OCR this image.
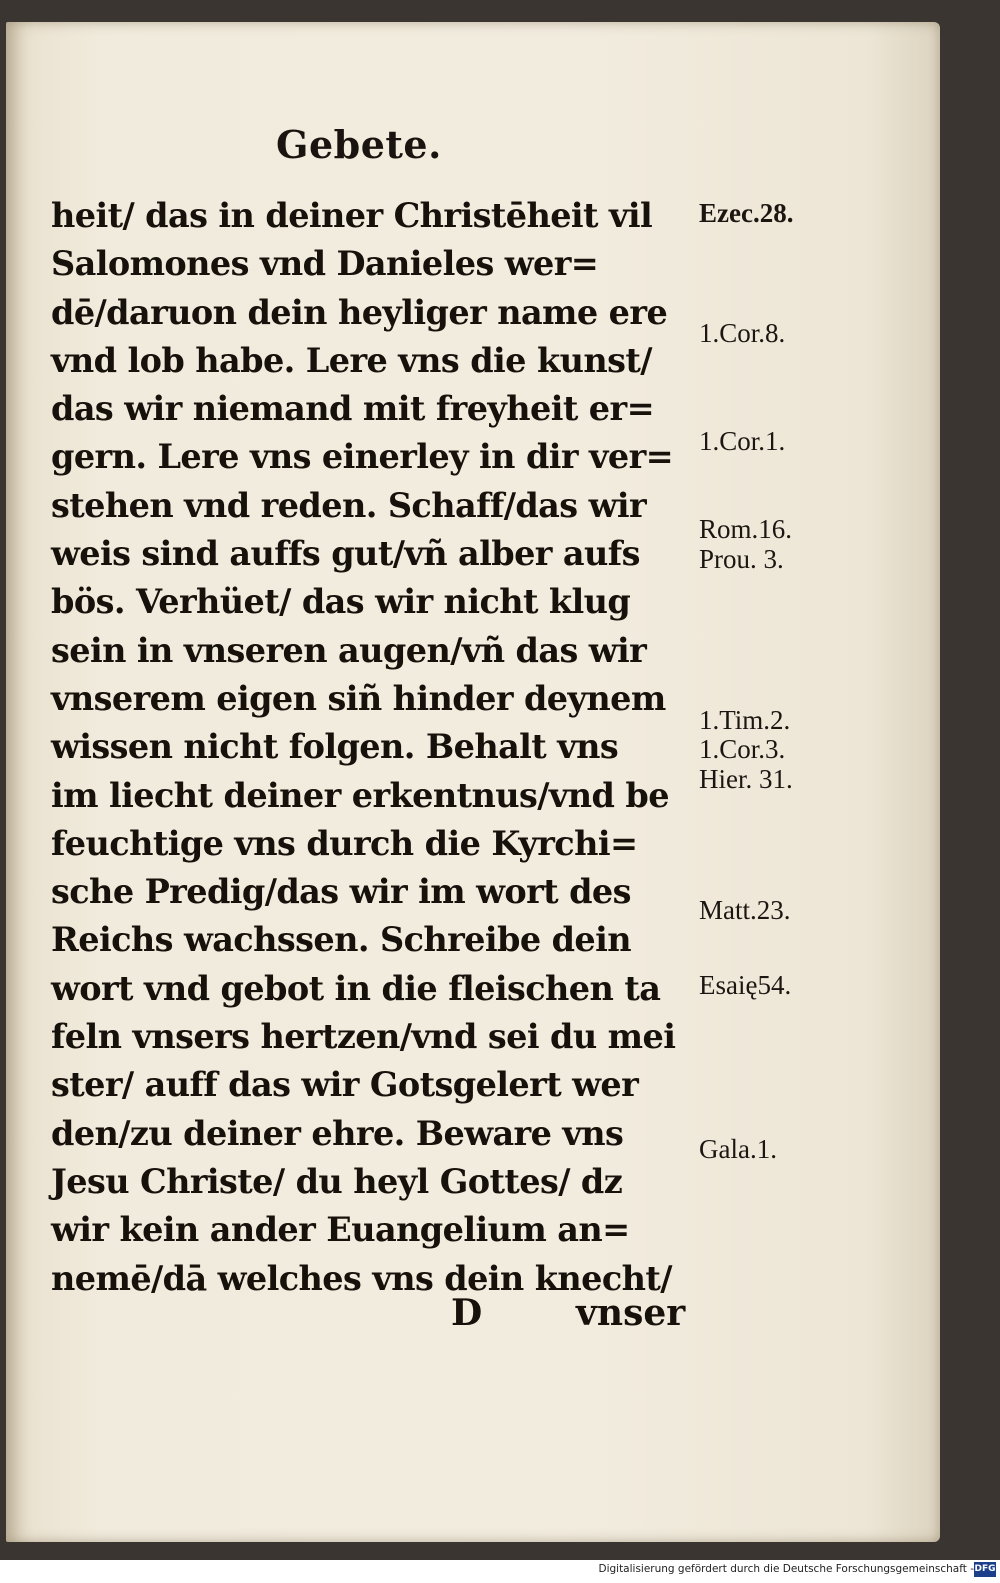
Gebete.
heit/ das in deiner Christēheit vil
Salomones vnd Danieles wer=
dē/daruon dein heyliger name ere
vnd lob habe. Lere vns die kunst/
das wir niemand mit freyheit er=
gern. Lere vns einerley in dir ver=
stehen vnd reden. Schaff/das wir
weis sind auffs gut/vñ alber aufs
bös. Verhüet/ das wir nicht klug
sein in vnseren augen/vñ das wir
vnserem eigen siñ hinder deynem
wissen nicht folgen. Behalt vns
im liecht deiner erkentnus/vnd be
feuchtige vns durch die Kyrchi=
sche Predig/das wir im wort des
Reichs wachssen. Schreibe dein
wort vnd gebot in die fleischen ta
feln vnsers hertzen/vnd sei du mei
ster/ auff das wir Gotsgelert wer
den/zu deiner ehre. Beware vns
Jesu Christe/ du heyl Gottes/ dz
wir kein ander Euangelium an=
nemē/dā welches vns dein knecht/
Ezec.28.
1.Cor.8.
1.Cor.1.
Rom.16.
Prou. 3.
1.Tim.2.
1.Cor.3.
Hier. 31.
Matt.23.
Esaię54.
Gala.1.
D	vnser
Digitalisierung gefördert durch die Deutsche Forschungsgemeinschaft - DFG
